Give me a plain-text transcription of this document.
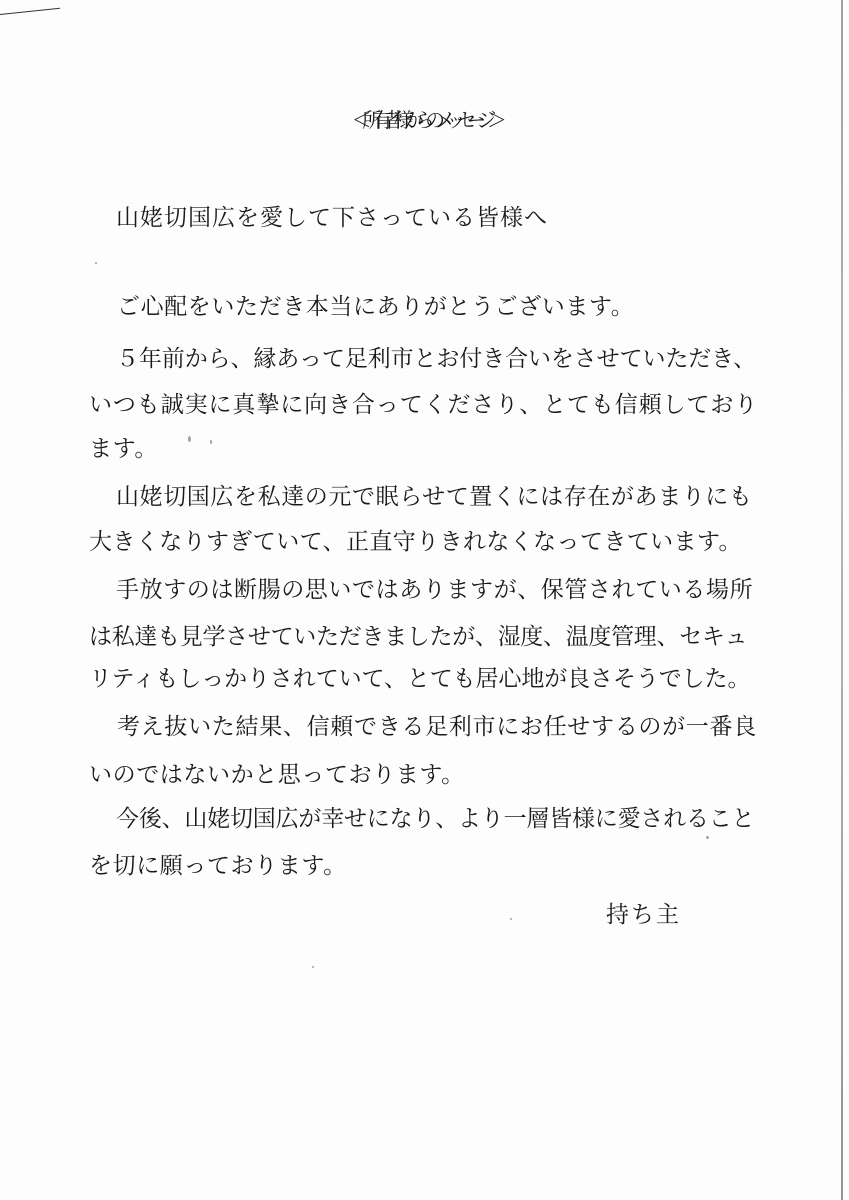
＜所有者様からのメッセージ＞
山姥切国広を愛して下さっている皆様へ
ご心配をいただき本当にありがとうございます。
５年前から、縁あって足利市とお付き合いをさせていただき、
いつも誠実に真摯に向き合ってくださり、とても信頼しており
ます。
山姥切国広を私達の元で眠らせて置くには存在があまりにも
大きくなりすぎていて、正直守りきれなくなってきています。
手放すのは断腸の思いではありますが、保管されている場所
は私達も見学させていただきましたが、湿度、温度管理、セキュ
リティもしっかりされていて、とても居心地が良さそうでした。
考え抜いた結果、信頼できる足利市にお任せするのが一番良
いのではないかと思っております。
今後、山姥切国広が幸せになり、より一層皆様に愛されること
を切に願っております。
持ち主
